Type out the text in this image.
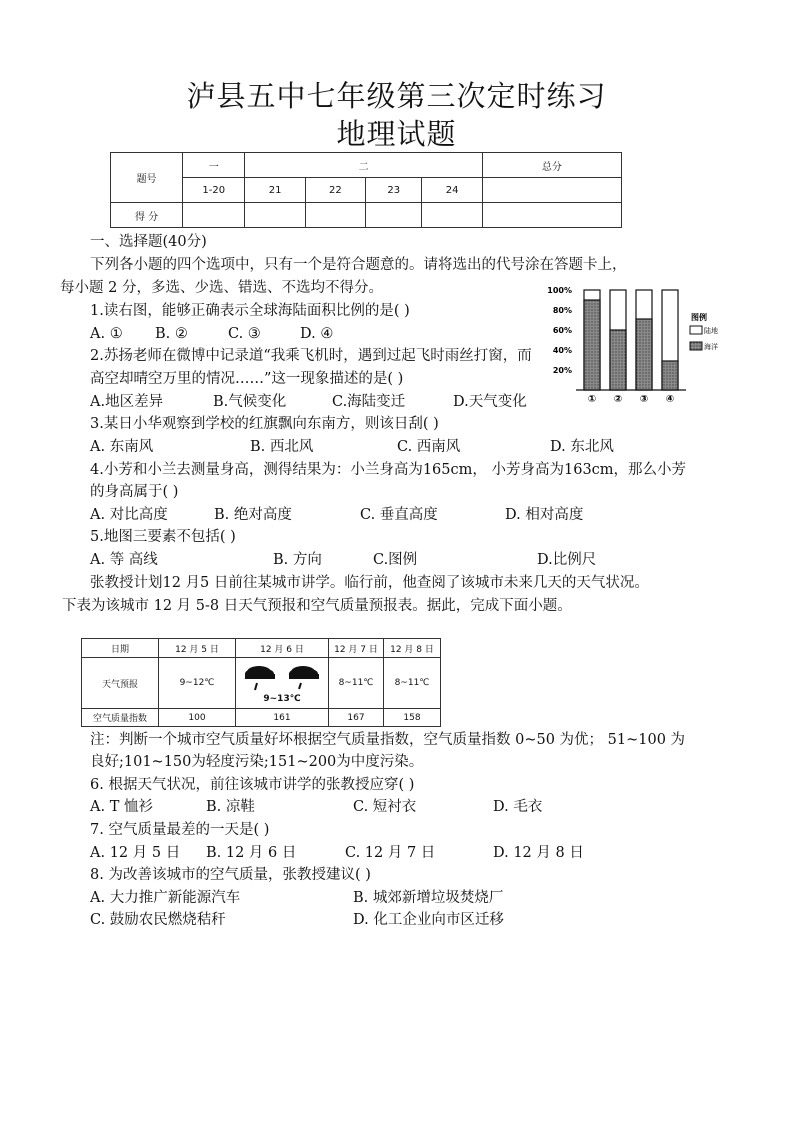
泸县五中七年级第三次定时练习
地理试题
题号	一	二				总分
	1-20	21	22	23	24	
得 分						
一、选择题(40分)
下列各小题的四个选项中，只有一个是符合题意的。请将选出的代号涂在答题卡上，
每小题 2 分，多选、少选、错选、不选均不得分。
1.读右图，能够正确表示全球海陆面积比例的是( )
A. ① B. ②	C. ③	D. ④
2.苏扬老师在微博中记录道“我乘飞机时，遇到过起飞时雨丝打窗，而
高空却晴空万里的情况……”这一现象描述的是( )
A.地区差异	B.气候变化	C.海陆变迁	D.天气变化
3.某日小华观察到学校的红旗飘向东南方，则该日刮( )
A. 东南风	B. 西北风	C. 西南风	D. 东北风
4.小芳和小兰去测量身高，测得结果为：小兰身高为165cm， 小芳身高为163cm，那么小芳
的身高属于( )
A. 对比高度	B. 绝对高度	C. 垂直高度	D. 相对高度
5.地图三要素不包括( )
A. 等 高线	B. 方向	C.图例	D.比例尺
张教授计划12 月5 日前往某城市讲学。临行前，他查阅了该城市未来几天的天气状况。
下表为该城市 12 月 5-8 日天气预报和空气质量预报表。据此，完成下面小题。
日期	12 月 5 日	12 月 6 日	12 月 7 日	12 月 8 日
天气预报	9~12℃	9~13℃	8~11℃	8~11℃
空气质量指数	100	161	167	158
注：判断一个城市空气质量好坏根据空气质量指数，空气质量指数 0~50 为优； 51~100 为
良好;101~150为轻度污染;151~200为中度污染。
6. 根据天气状况，前往该城市讲学的张教授应穿( )
A. T 恤衫	B. 凉鞋	C. 短衬衣	D. 毛衣
7. 空气质量最差的一天是( )
A. 12 月 5 日 B. 12 月 6 日	C. 12 月 7 日	D. 12 月 8 日
8. 为改善该城市的空气质量，张教授建议( )
A. 大力推广新能源汽车	B. 城郊新增垃圾焚烧厂
C. 鼓励农民燃烧秸秆	D. 化工企业向市区迁移
100%
80%
60%
40%
20%
① ② ③ ④
图例
陆地
海洋
